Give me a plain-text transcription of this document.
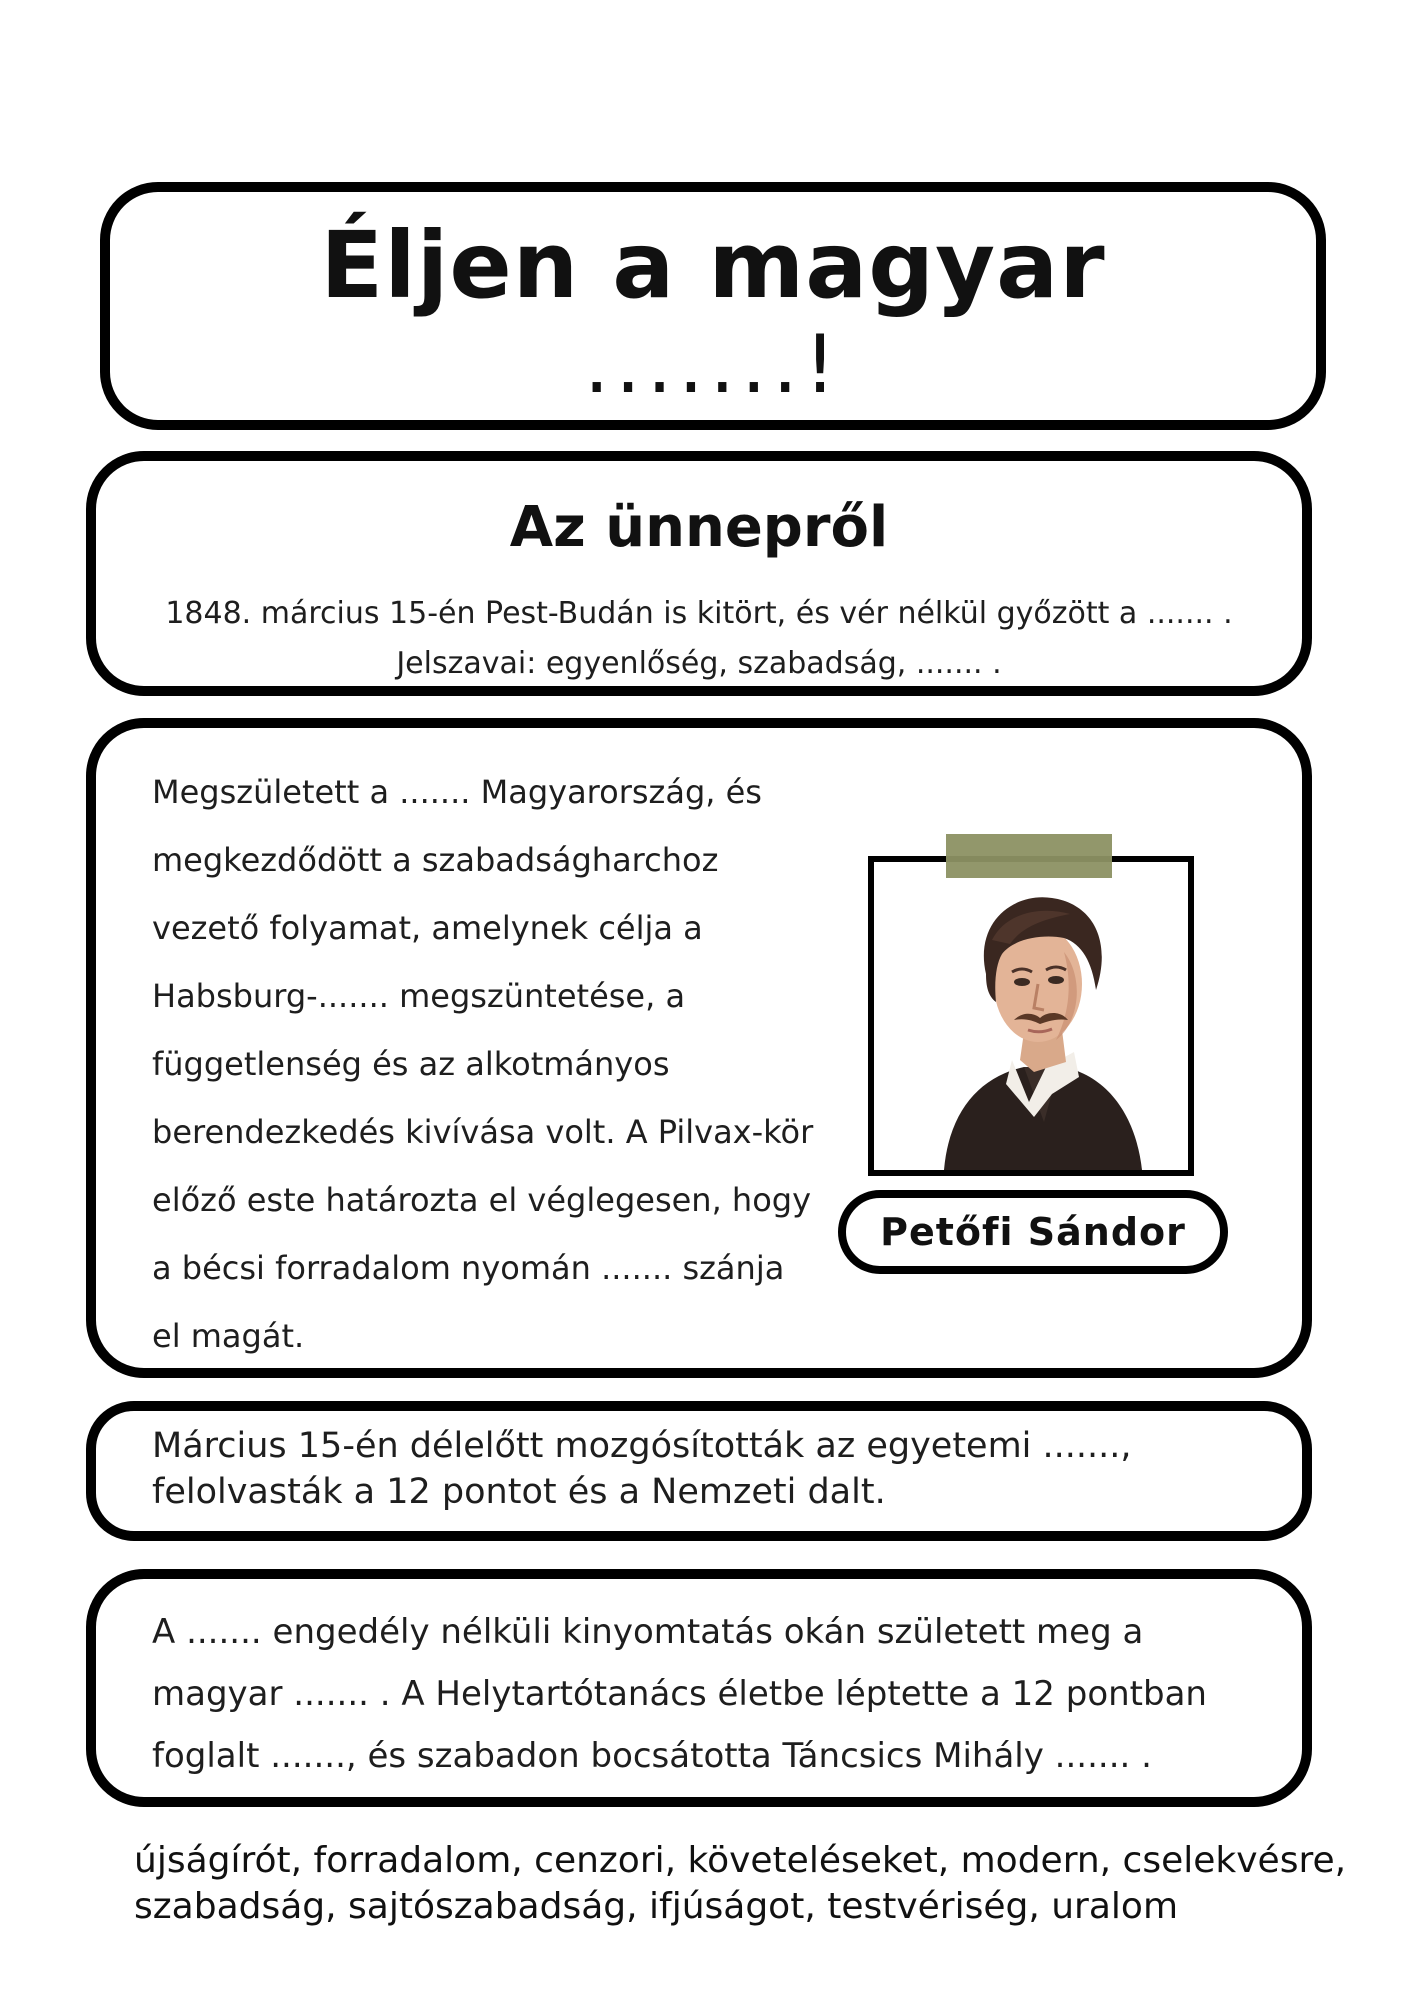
Éljen a magyar
.......!
Az ünnepről
1848. március 15-én Pest-Budán is kitört, és vér nélkül győzött a ....... .
Jelszavai: egyenlőség, szabadság, ....... .
Megszületett a ....... Magyarország, és
megkezdődött a szabadságharchoz
vezető folyamat, amelynek célja a
Habsburg-....... megszüntetése, a
függetlenség és az alkotmányos
berendezkedés kivívása volt. A Pilvax-kör
előző este határozta el véglegesen, hogy
a bécsi forradalom nyomán ....... szánja
el magát.
Petőfi Sándor
Március 15-én délelőtt mozgósították az egyetemi .......,
felolvasták a 12 pontot és a Nemzeti dalt.
A ....... engedély nélküli kinyomtatás okán született meg a
magyar ....... . A Helytartótanács életbe léptette a 12 pontban
foglalt ......., és szabadon bocsátotta Táncsics Mihály ....... .
újságírót, forradalom, cenzori, követeléseket, modern, cselekvésre,
szabadság, sajtószabadság, ifjúságot, testvériség, uralom
